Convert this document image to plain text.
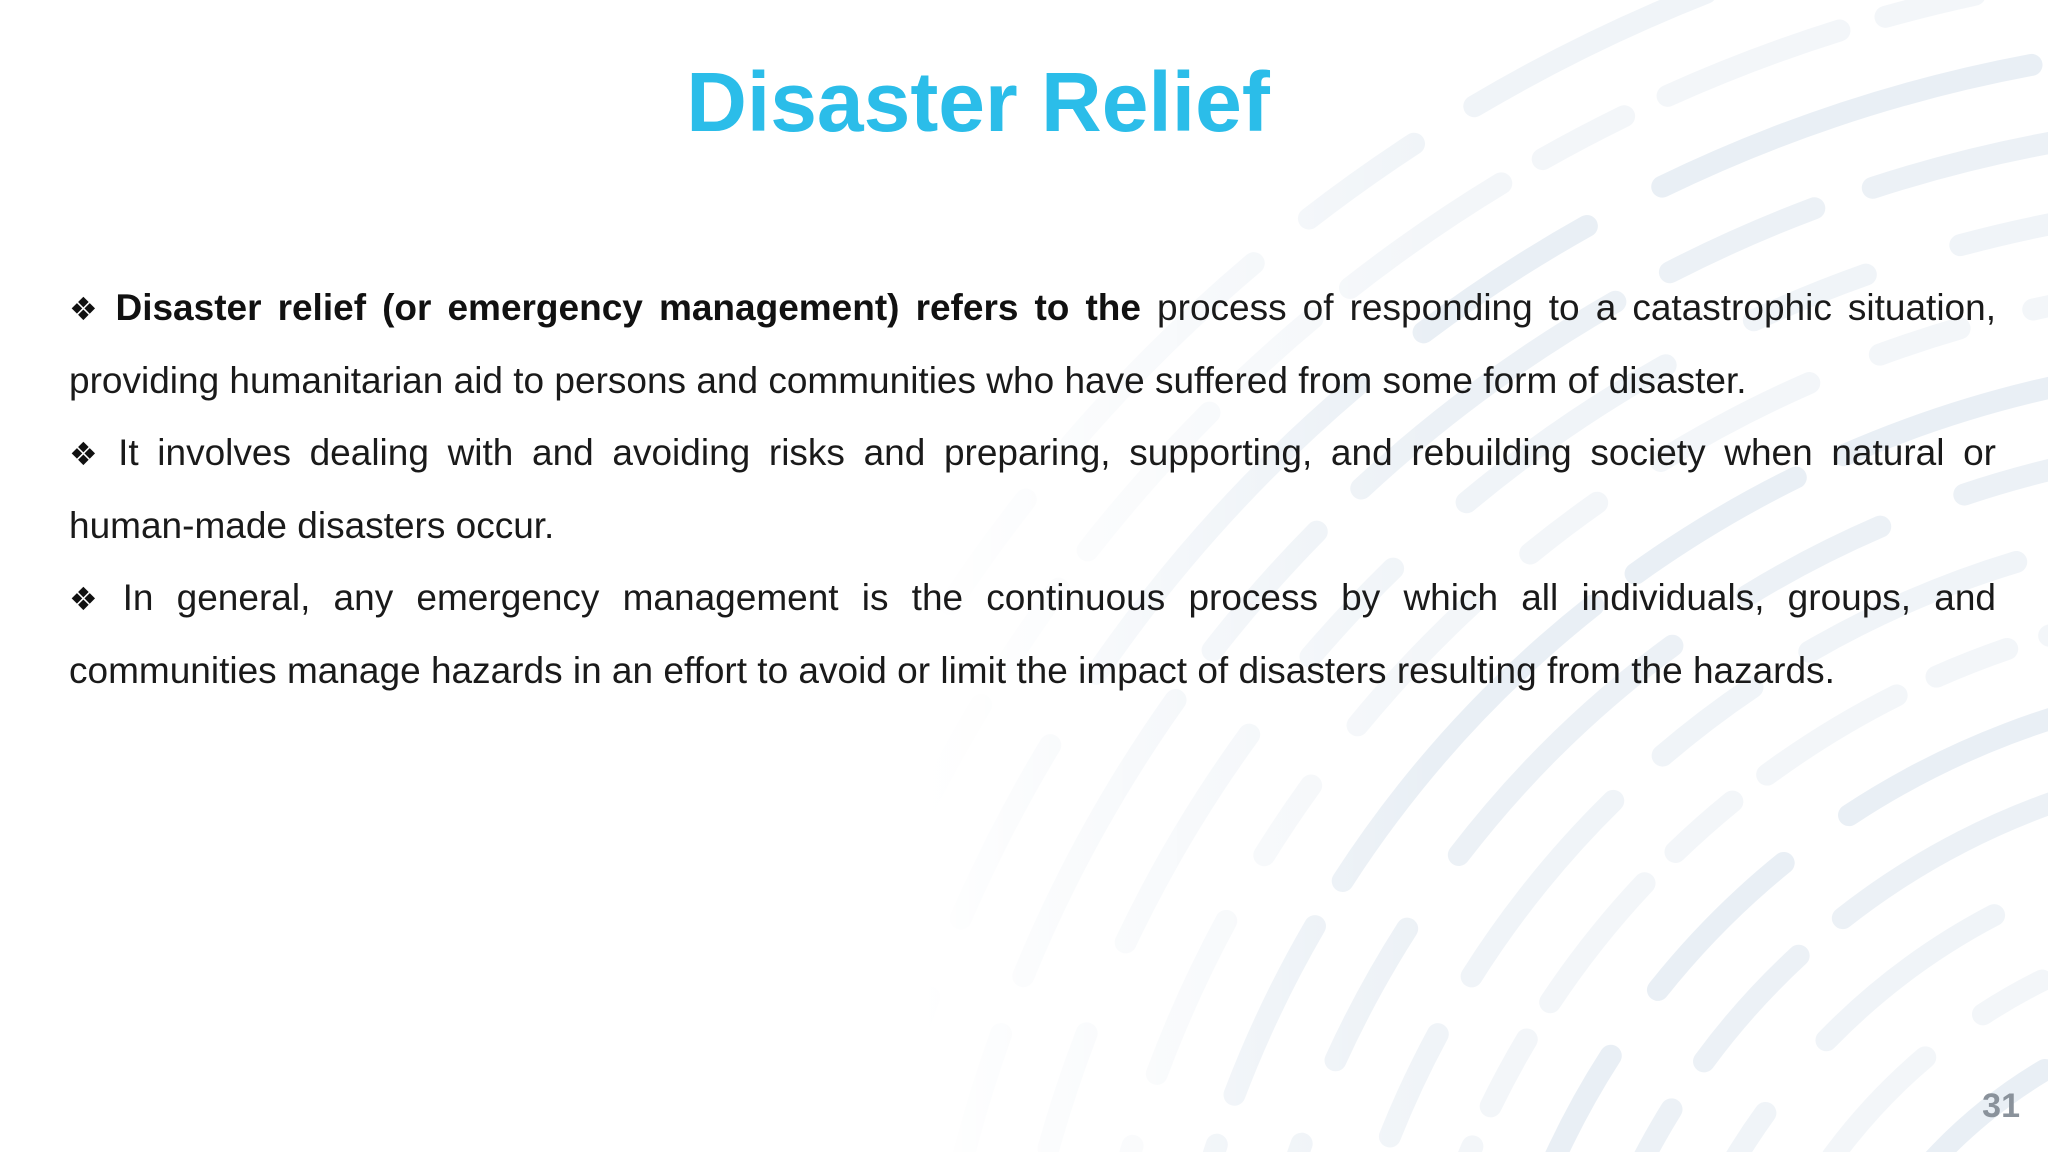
Disaster Relief

❖ Disaster relief (or emergency management) refers to the process of responding to a catastrophic situation, providing humanitarian aid to persons and communities who have suffered from some form of disaster.

❖ It involves dealing with and avoiding risks and preparing, supporting, and rebuilding society when natural or human-made disasters occur.

❖ In general, any emergency management is the continuous process by which all individuals, groups, and communities manage hazards in an effort to avoid or limit the impact of disasters resulting from the hazards.

31
